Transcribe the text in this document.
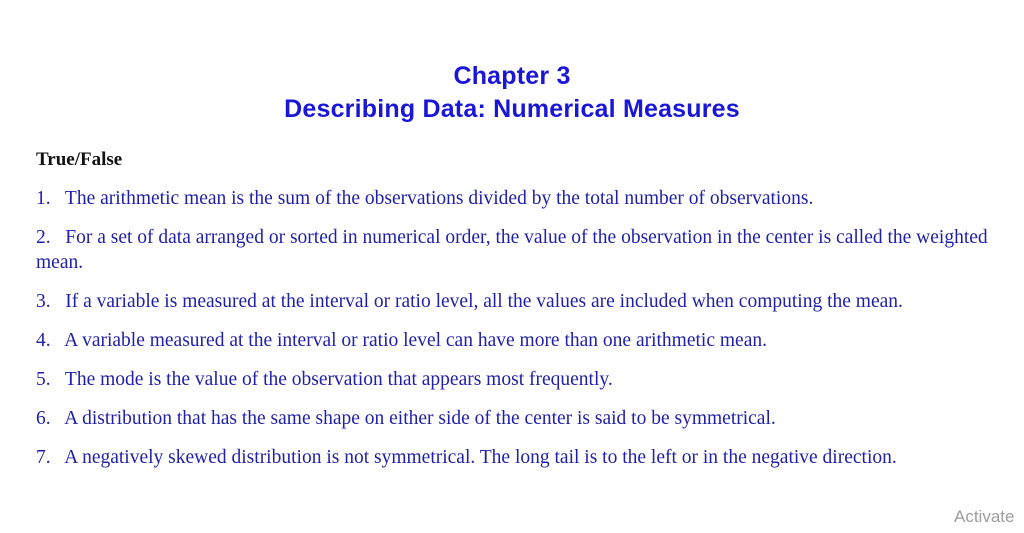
Chapter 3
Describing Data: Numerical Measures
True/False

1.   The arithmetic mean is the sum of the observations divided by the total number of observations.

2.   For a set of data arranged or sorted in numerical order, the value of the observation in the center is called the weighted mean.

3.   If a variable is measured at the interval or ratio level, all the values are included when computing the mean.

4.   A variable measured at the interval or ratio level can have more than one arithmetic mean.

5.   The mode is the value of the observation that appears most frequently.

6.   A distribution that has the same shape on either side of the center is said to be symmetrical.

7.   A negatively skewed distribution is not symmetrical. The long tail is to the left or in the negative direction.

Activate
